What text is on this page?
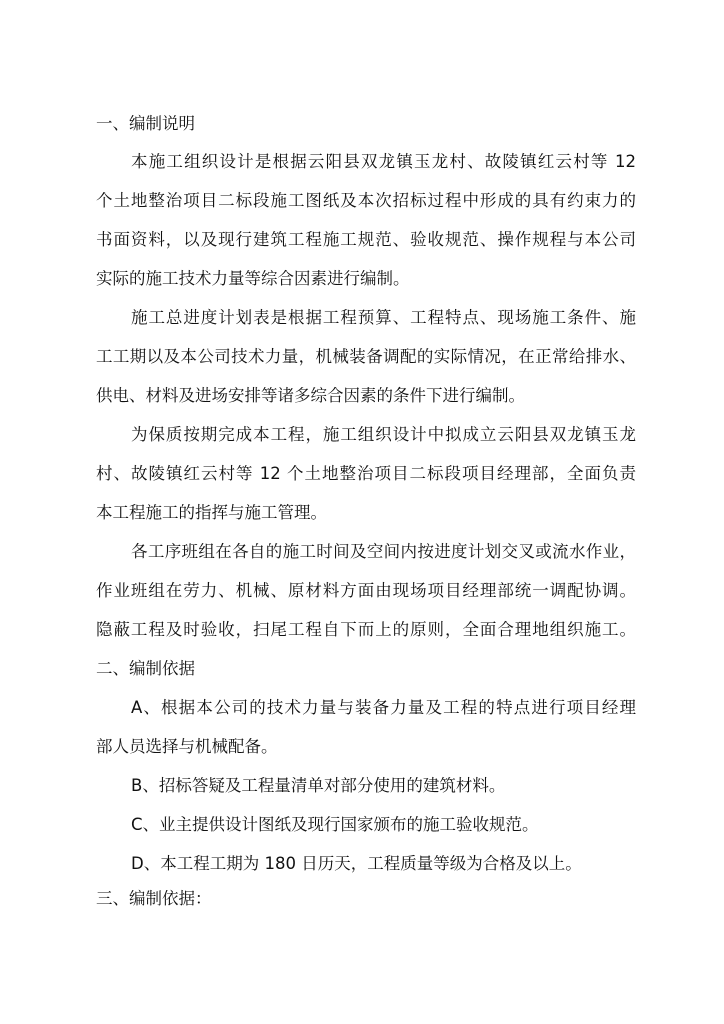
一、编制说明
本施工组织设计是根据云阳县双龙镇玉龙村、故陵镇红云村等 12
个土地整治项目二标段施工图纸及本次招标过程中形成的具有约束力的
书面资料，以及现行建筑工程施工规范、验收规范、操作规程与本公司
实际的施工技术力量等综合因素进行编制。
施工总进度计划表是根据工程预算、工程特点、现场施工条件、施
工工期以及本公司技术力量，机械装备调配的实际情况，在正常给排水、
供电、材料及进场安排等诸多综合因素的条件下进行编制。
为保质按期完成本工程，施工组织设计中拟成立云阳县双龙镇玉龙
村、故陵镇红云村等 12 个土地整治项目二标段项目经理部，全面负责
本工程施工的指挥与施工管理。
各工序班组在各自的施工时间及空间内按进度计划交叉或流水作业，
作业班组在劳力、机械、原材料方面由现场项目经理部统一调配协调。
隐蔽工程及时验收，扫尾工程自下而上的原则，全面合理地组织施工。
二、编制依据
A、根据本公司的技术力量与装备力量及工程的特点进行项目经理
部人员选择与机械配备。
B、招标答疑及工程量清单对部分使用的建筑材料。
C、业主提供设计图纸及现行国家颁布的施工验收规范。
D、本工程工期为 180 日历天，工程质量等级为合格及以上。
三、编制依据：
